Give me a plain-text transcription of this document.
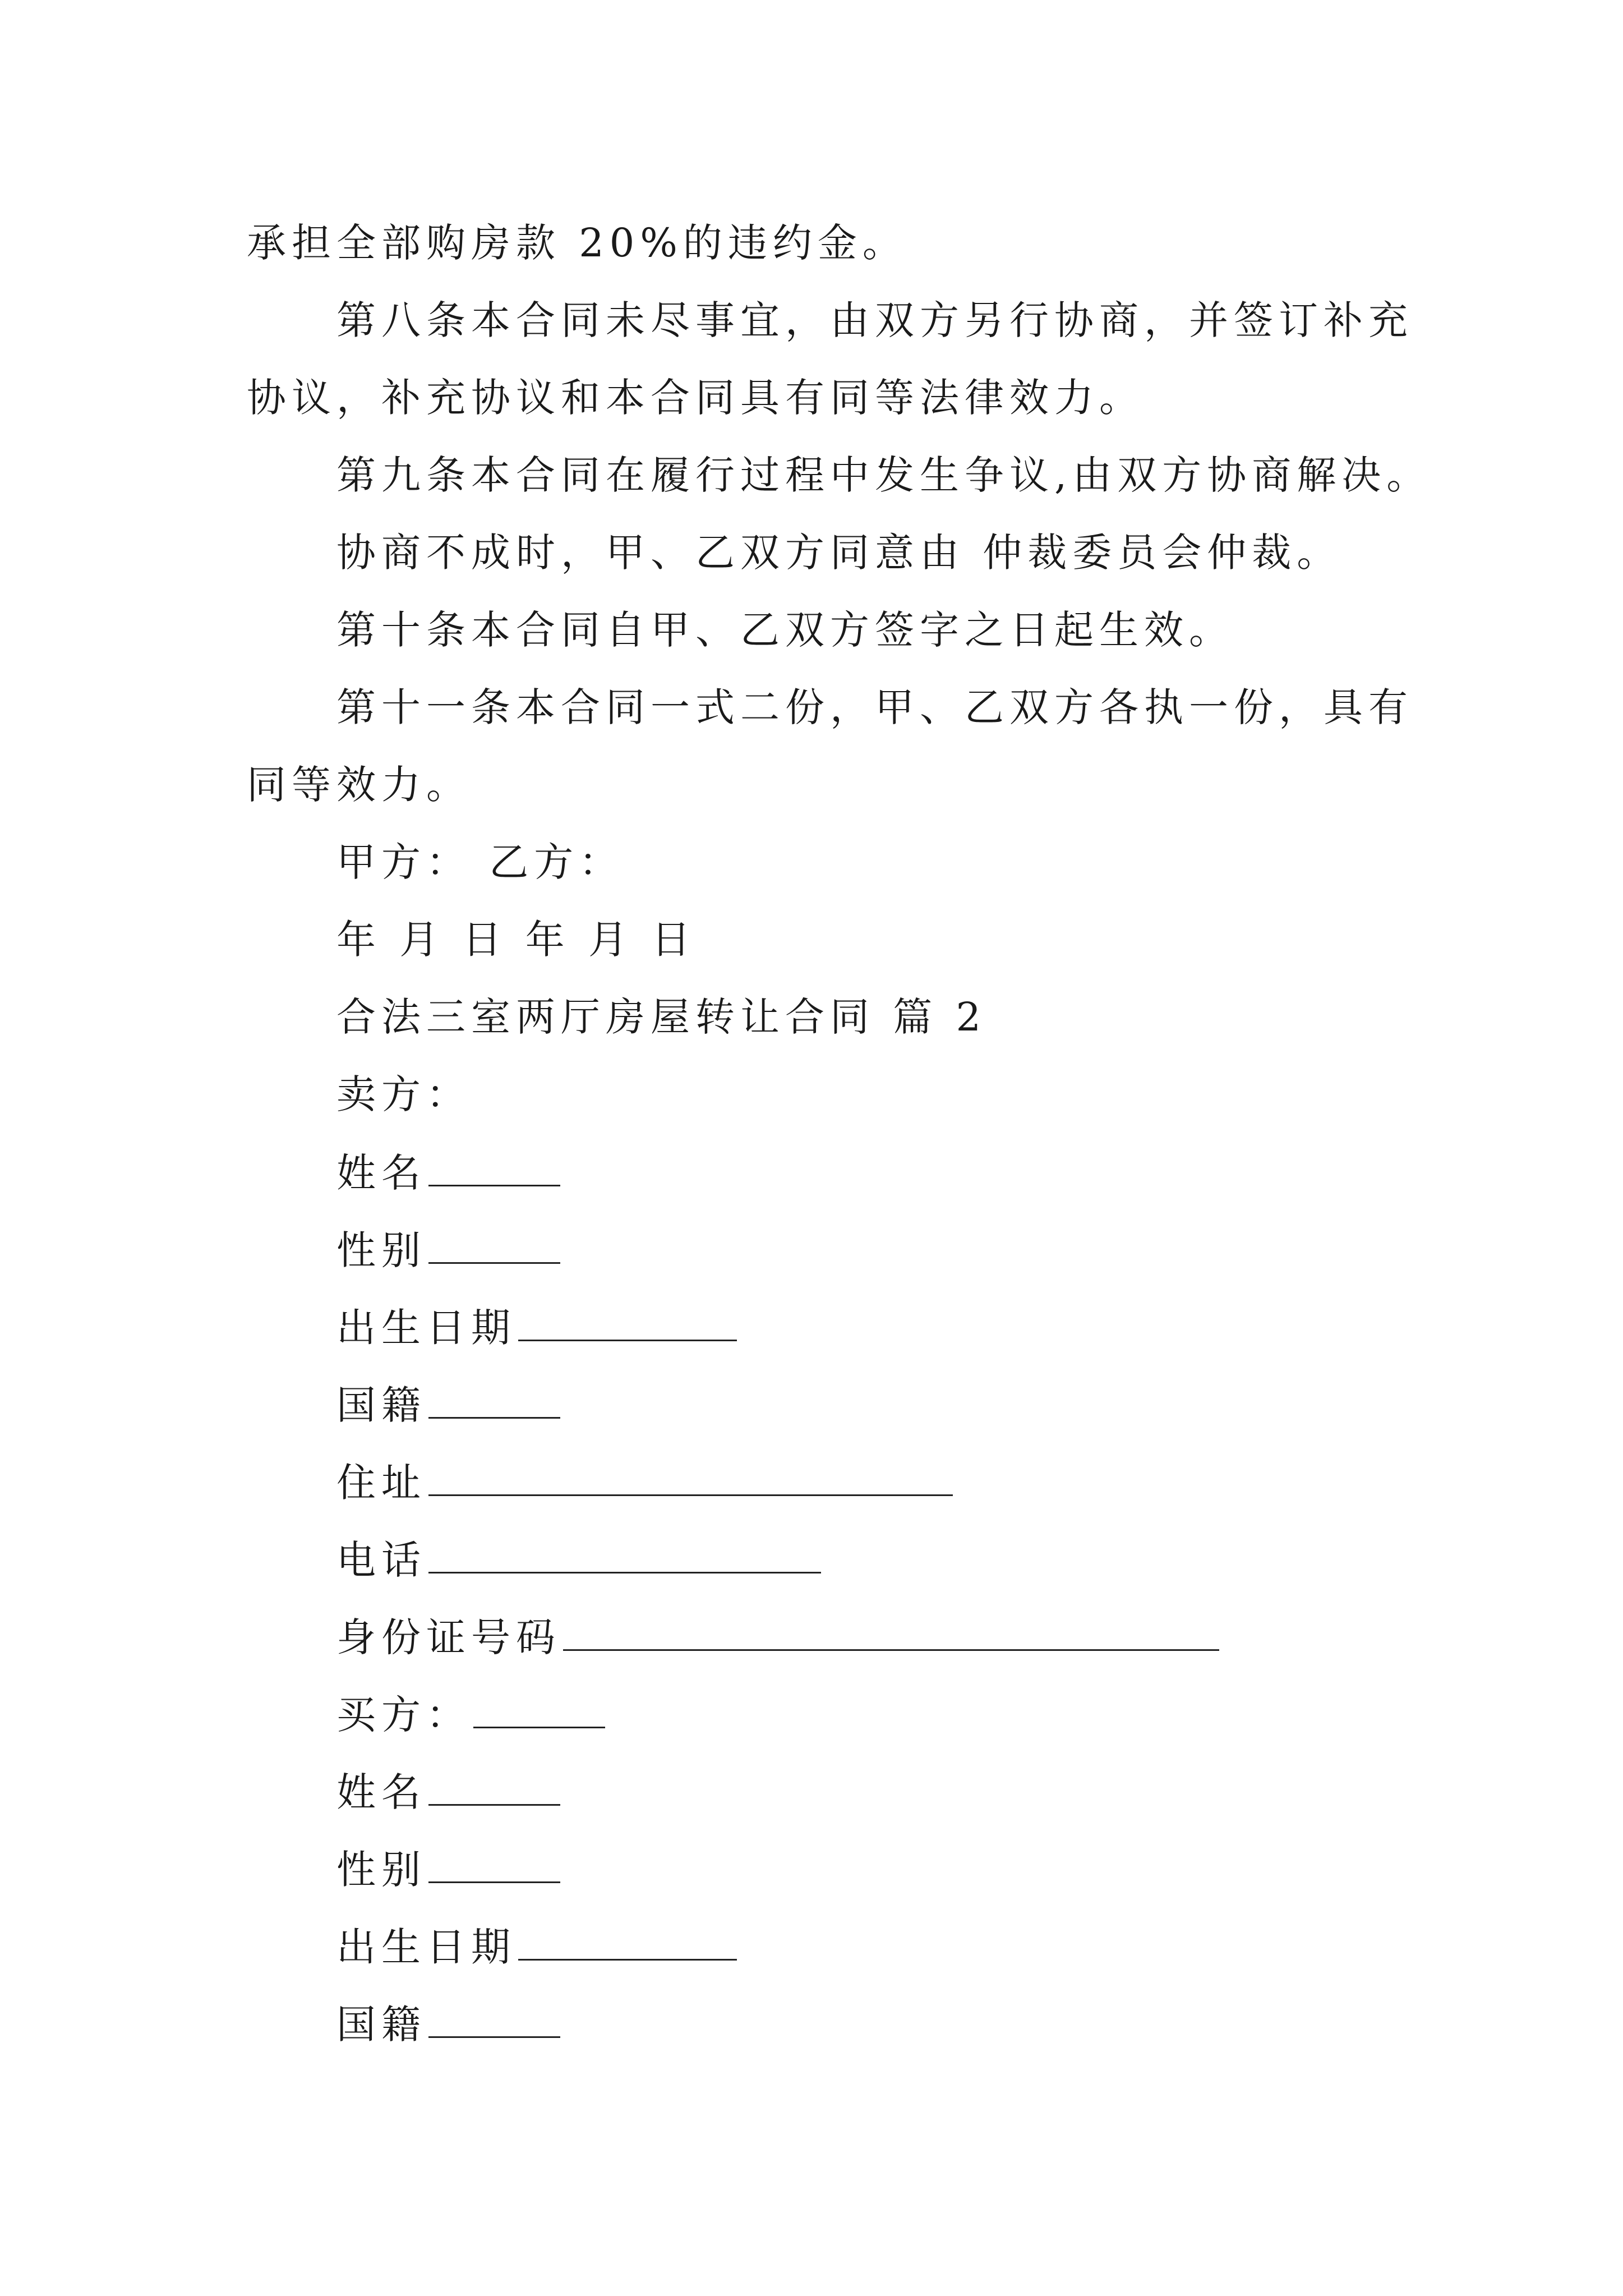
承担全部购房款 20%的违约金。
第八条本合同未尽事宜，由双方另行协商，并签订补充
协议，补充协议和本合同具有同等法律效力。
第九条本合同在履行过程中发生争议,由双方协商解决。
协商不成时，甲、乙双方同意由 仲裁委员会仲裁。
第十条本合同自甲、乙双方签字之日起生效。
第十一条本合同一式二份，甲、乙双方各执一份，具有
同等效力。
甲方： 乙方：
年 月 日 年 月 日
合法三室两厅房屋转让合同 篇 2
卖方：
姓名
性别
出生日期
国籍
住址
电话
身份证号码
买方：
姓名
性别
出生日期
国籍
